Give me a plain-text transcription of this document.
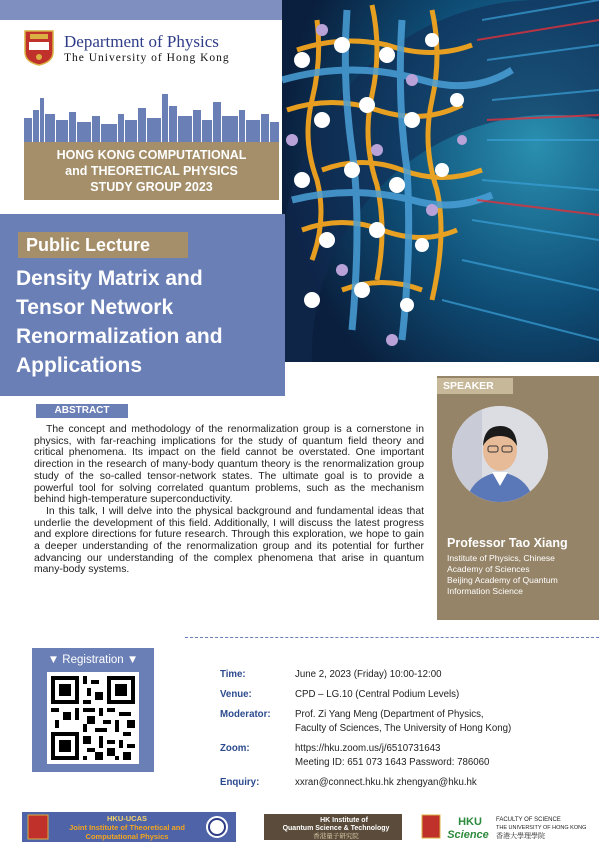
Department of Physics
The University of Hong Kong
HONG KONG COMPUTATIONAL
and THEORETICAL PHYSICS
STUDY GROUP 2023
Public Lecture
Density Matrix and Tensor Network Renormalization and Applications
ABSTRACT

The concept and methodology of the renormalization group is a cornerstone in physics, with far-reaching implications for the study of quantum field theory and critical phenomena. Its impact on the field cannot be overstated. One important direction in the research of many-body quantum theory is the renormalization group study of the so-called tensor-network states. The ultimate goal is to provide a powerful tool for solving correlated quantum problems, such as the mechanism behind high-temperature superconductivity.

In this talk, I will delve into the physical background and fundamental ideas that underlie the development of this field. Additionally, I will discuss the latest progress and explore directions for future research. Through this exploration, we hope to gain a deeper understanding of the renormalization group and its potential for further advancing our understanding of the complex phenomena that arise in quantum many-body systems.

SPEAKER
Professor Tao Xiang
Institute of Physics, Chinese
Academy of Sciences
Beijing Academy of Quantum
Information Science
▼ Registration ▼
Time:	June 2, 2023 (Friday) 10:00-12:00
Venue:	CPD – LG.10 (Central Podium Levels)
Moderator:	Prof. Zi Yang Meng (Department of Physics,
Faculty of Sciences, The University of Hong Kong)
Zoom:	https://hku.zoom.us/j/6510731643
Meeting ID: 651 073 1643 Password: 786060
Enquiry:	xxran@connect.hku.hk zhengyan@hku.hk
HKU-UCAS
Joint Institute of Theoretical and
Computational Physics
HK Institute of
Quantum Science & Technology
香港量子研究院
HKU
Science
FACULTY OF SCIENCE
THE UNIVERSITY OF HONG KONG
香港大學理學院
